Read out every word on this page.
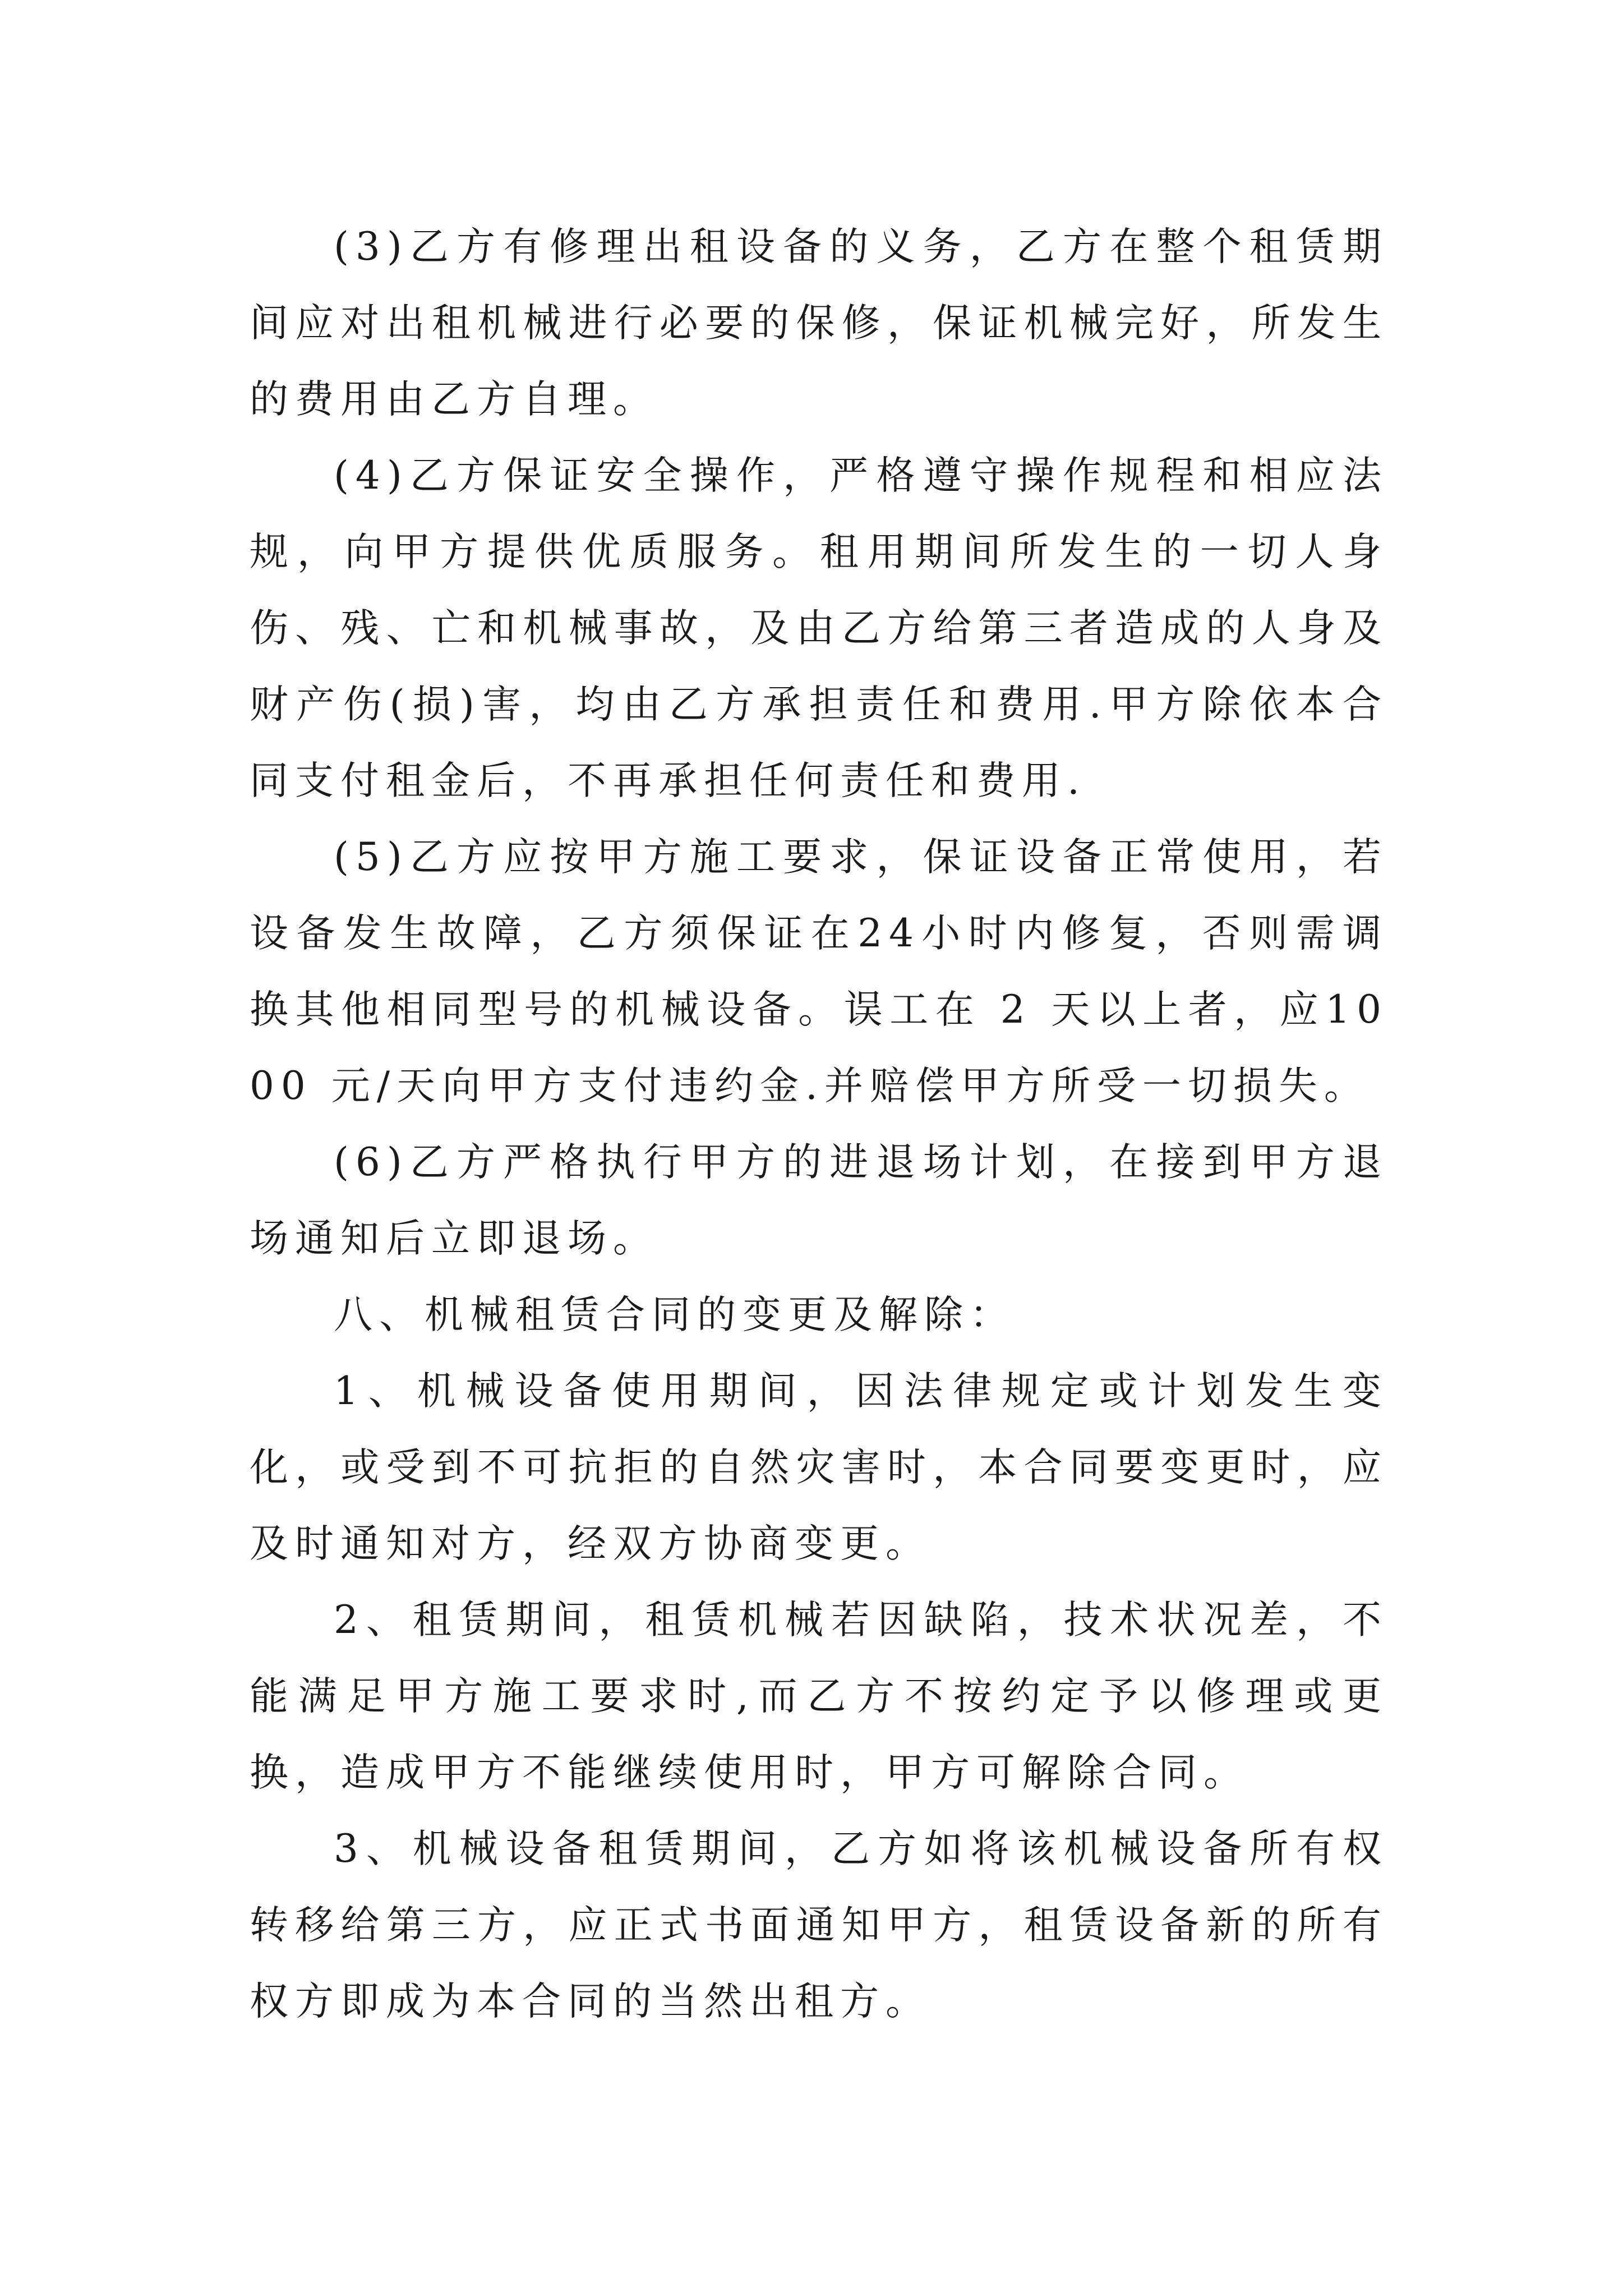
(3)乙方有修理出租设备的义务，乙方在整个租赁期间应对出租机械进行必要的保修，保证机械完好，所发生的费用由乙方自理。

(4)乙方保证安全操作，严格遵守操作规程和相应法规，向甲方提供优质服务。租用期间所发生的一切人身伤、残、亡和机械事故，及由乙方给第三者造成的人身及财产伤(损)害，均由乙方承担责任和费用.甲方除依本合同支付租金后，不再承担任何责任和费用.

(5)乙方应按甲方施工要求，保证设备正常使用，若设备发生故障，乙方须保证在24小时内修复，否则需调换其他相同型号的机械设备。误工在 2 天以上者，应1000 元/天向甲方支付违约金.并赔偿甲方所受一切损失。

(6)乙方严格执行甲方的进退场计划，在接到甲方退场通知后立即退场。

八、机械租赁合同的变更及解除：

1、机械设备使用期间，因法律规定或计划发生变化，或受到不可抗拒的自然灾害时，本合同要变更时，应及时通知对方，经双方协商变更。

2、租赁期间，租赁机械若因缺陷，技术状况差，不能满足甲方施工要求时,而乙方不按约定予以修理或更换，造成甲方不能继续使用时，甲方可解除合同。

3、机械设备租赁期间，乙方如将该机械设备所有权转移给第三方，应正式书面通知甲方，租赁设备新的所有权方即成为本合同的当然出租方。
